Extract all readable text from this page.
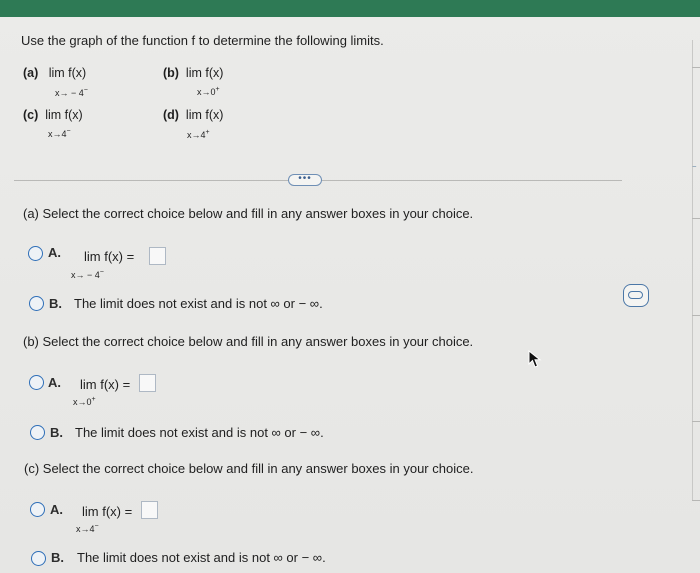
Use the graph of the function f to determine the following limits.
(a) lim f(x)
x→ − 4−
(b) lim f(x)
x→0+
(c) lim f(x)
x→4−
(d) lim f(x)
x→4+
•••
(a) Select the correct choice below and fill in any answer boxes in your choice.
A. lim f(x) =
x→ − 4−
B. The limit does not exist and is not ∞ or − ∞.
(b) Select the correct choice below and fill in any answer boxes in your choice.
A. lim f(x) =
x→0+
B. The limit does not exist and is not ∞ or − ∞.
(c) Select the correct choice below and fill in any answer boxes in your choice.
A. lim f(x) =
x→4−
B. The limit does not exist and is not ∞ or − ∞.
⁻
